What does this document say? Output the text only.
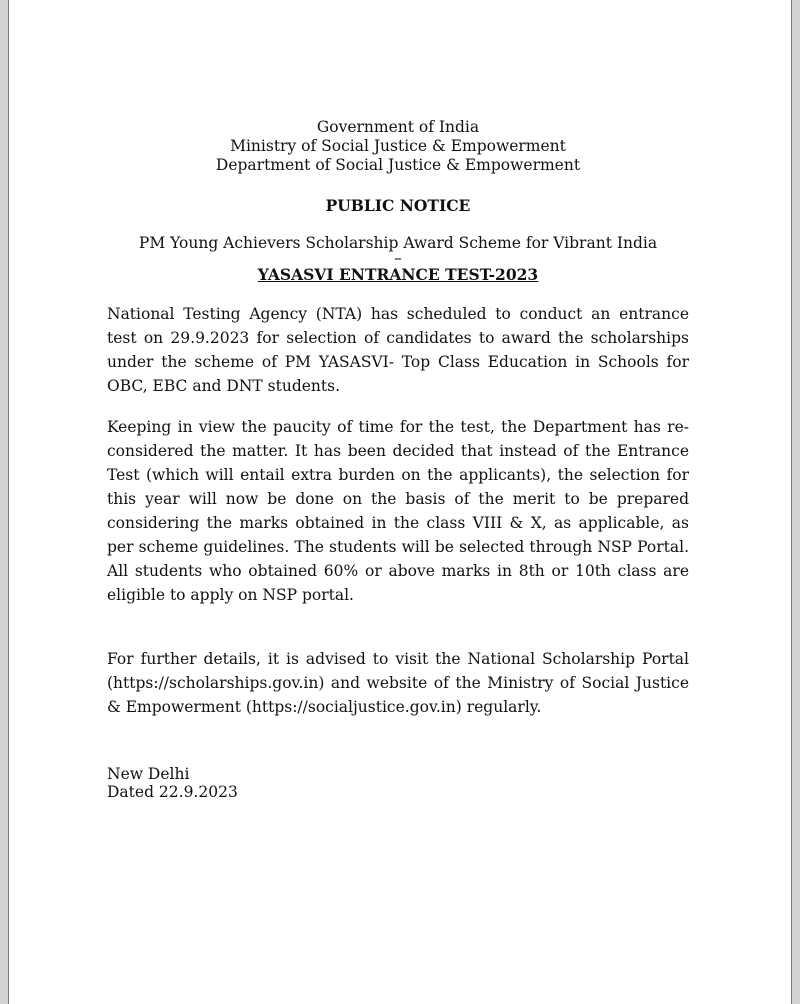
Government of India
Ministry of Social Justice & Empowerment
Department of Social Justice & Empowerment
PUBLIC NOTICE
PM Young Achievers Scholarship Award Scheme for Vibrant India
–
YASASVI ENTRANCE TEST-2023

National Testing Agency (NTA) has scheduled to conduct an entrance test on 29.9.2023 for selection of candidates to award the scholarships under the scheme of PM YASASVI- Top Class Education in Schools for OBC, EBC and DNT students.

Keeping in view the paucity of time for the test, the Department has re-considered the matter. It has been decided that instead of the Entrance Test (which will entail extra burden on the applicants), the selection for this year will now be done on the basis of the merit to be prepared considering the marks obtained in the class VIII & X, as applicable, as per scheme guidelines. The students will be selected through NSP Portal. All students who obtained 60% or above marks in 8th or 10th class are eligible to apply on NSP portal.

For further details, it is advised to visit the National Scholarship Portal (https://scholarships.gov.in) and website of the Ministry of Social Justice & Empowerment (https://socialjustice.gov.in) regularly.

New Delhi
Dated 22.9.2023
